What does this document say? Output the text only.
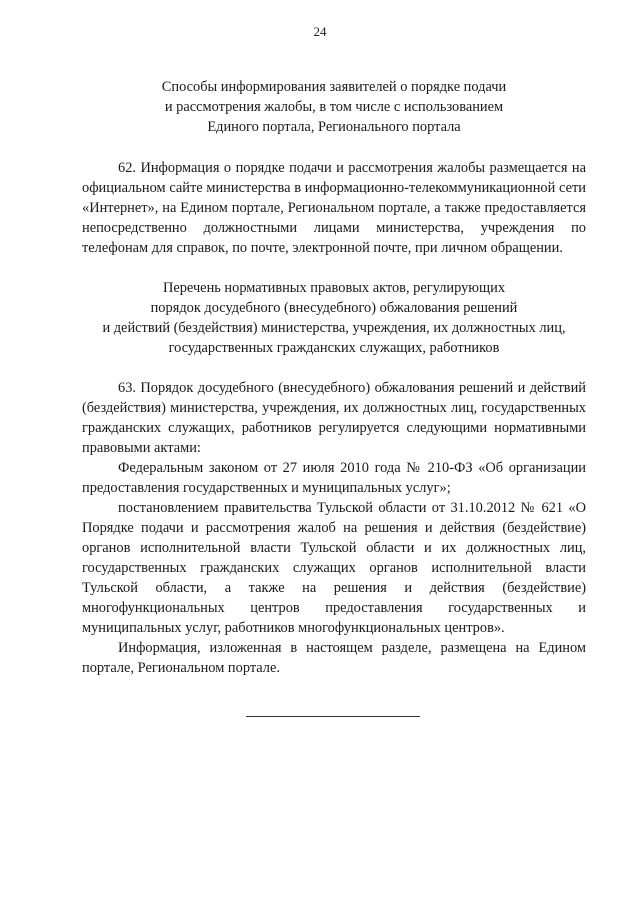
24
Способы информирования заявителей о порядке подачи
и рассмотрения жалобы, в том числе с использованием
Единого портала, Регионального портала

62. Информация о порядке подачи и рассмотрения жалобы размещается на официальном сайте министерства в информационно-телекоммуникационной сети «Интернет», на Едином портале, Региональном портале, а также предоставляется непосредственно должностными лицами министерства, учреждения по телефонам для справок, по почте, электронной почте, при личном обращении.

Перечень нормативных правовых актов, регулирующих
порядок досудебного (внесудебного) обжалования решений
и действий (бездействия) министерства, учреждения, их должностных лиц,
государственных гражданских служащих, работников

63. Порядок досудебного (внесудебного) обжалования решений и действий (бездействия) министерства, учреждения, их должностных лиц, государственных гражданских служащих, работников регулируется следующими нормативными правовыми актами:

Федеральным законом от 27 июля 2010 года № 210-ФЗ «Об организации предоставления государственных и муниципальных услуг»;

постановлением правительства Тульской области от 31.10.2012 № 621 «О Порядке подачи и рассмотрения жалоб на решения и действия (бездействие) органов исполнительной власти Тульской области и их должностных лиц, государственных гражданских служащих органов исполнительной власти Тульской области, а также на решения и действия (бездействие) многофункциональных центров предоставления государственных и муниципальных услуг, работников многофункциональных центров».

Информация, изложенная в настоящем разделе, размещена на Едином портале, Региональном портале.
